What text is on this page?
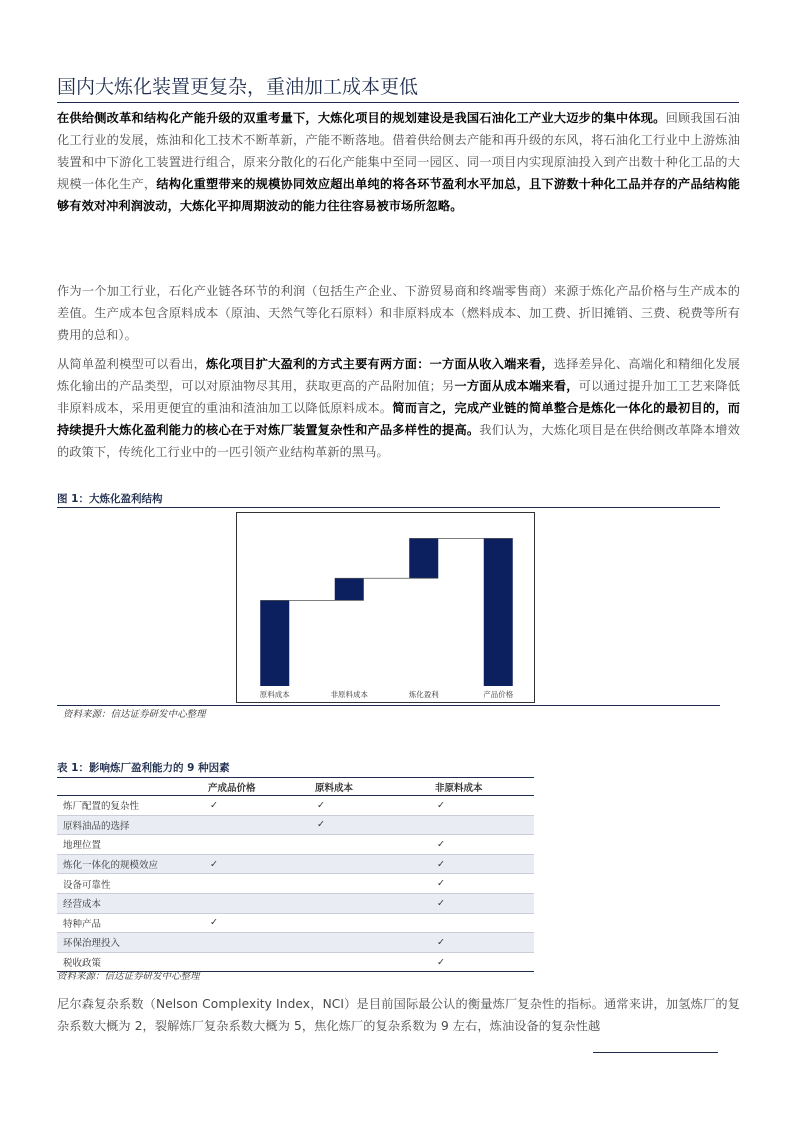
国内大炼化装置更复杂，重油加工成本更低
在供给侧改革和结构化产能升级的双重考量下，大炼化项目的规划建设是我国石油化工产业大迈步的集中体现。回顾我国石油化工行业的发展，炼油和化工技术不断革新，产能不断落地。借着供给侧去产能和再升级的东风，将石油化工行业中上游炼油装置和中下游化工装置进行组合，原来分散化的石化产能集中至同一园区、同一项目内实现原油投入到产出数十种化工品的大规模一体化生产，结构化重塑带来的规模协同效应超出单纯的将各环节盈利水平加总，且下游数十种化工品并存的产品结构能够有效对冲利润波动，大炼化平抑周期波动的能力往往容易被市场所忽略。
作为一个加工行业，石化产业链各环节的利润（包括生产企业、下游贸易商和终端零售商）来源于炼化产品价格与生产成本的差值。生产成本包含原料成本（原油、天然气等化石原料）和非原料成本（燃料成本、加工费、折旧摊销、三费、税费等所有费用的总和）。
从简单盈利模型可以看出，炼化项目扩大盈利的方式主要有两方面：一方面从收入端来看，选择差异化、高端化和精细化发展炼化输出的产品类型，可以对原油物尽其用，获取更高的产品附加值；另一方面从成本端来看，可以通过提升加工工艺来降低非原料成本，采用更便宜的重油和渣油加工以降低原料成本。简而言之，完成产业链的简单整合是炼化一体化的最初目的，而持续提升大炼化盈利能力的核心在于对炼厂装置复杂性和产品多样性的提高。我们认为，大炼化项目是在供给侧改革降本增效的政策下，传统化工行业中的一匹引领产业结构革新的黑马。
图 1：大炼化盈利结构
原料成本	非原料成本	炼化盈利	产品价格
资料来源：信达证券研发中心整理
表 1：影响炼厂盈利能力的 9 种因素
	产成品价格	原料成本	非原料成本
炼厂配置的复杂性	✓	✓	✓
原料油品的选择		✓	
地理位置			✓
炼化一体化的规模效应	✓		✓
设备可靠性			✓
经营成本			✓
特种产品	✓		
环保治理投入			✓
税收政策			✓
资料来源：信达证券研发中心整理
尼尔森复杂系数（Nelson Complexity Index，NCI）是目前国际最公认的衡量炼厂复杂性的指标。通常来讲，加氢炼厂的复杂系数大概为 2，裂解炼厂复杂系数大概为 5，焦化炼厂的复杂系数为 9 左右，炼油设备的复杂性越
